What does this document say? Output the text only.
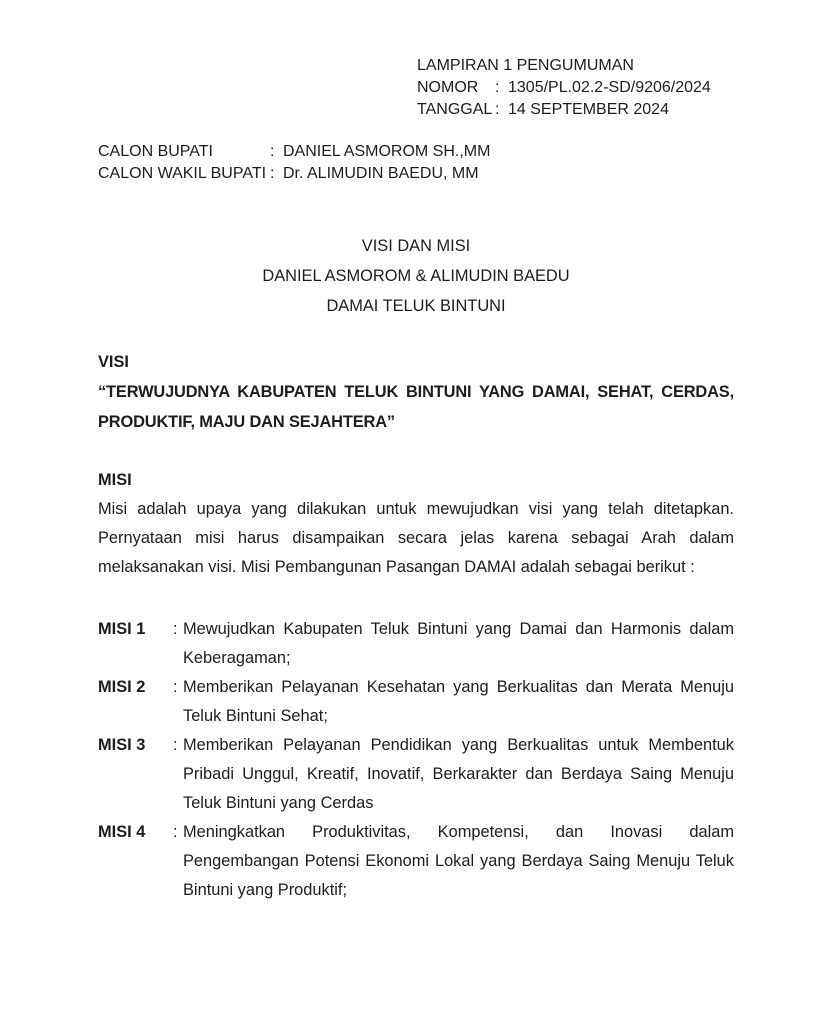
LAMPIRAN 1 PENGUMUMAN
NOMOR	: 1305/PL.02.2-SD/9206/2024
TANGGAL : 14 SEPTEMBER 2024
CALON BUPATI	: DANIEL ASMOROM SH.,MM
CALON WAKIL BUPATI : Dr. ALIMUDIN BAEDU, MM
VISI DAN MISI
DANIEL ASMOROM & ALIMUDIN BAEDU
DAMAI TELUK BINTUNI
VISI
“TERWUJUDNYA KABUPATEN TELUK BINTUNI YANG DAMAI, SEHAT, CERDAS, PRODUKTIF, MAJU DAN SEJAHTERA”
MISI
Misi adalah upaya yang dilakukan untuk mewujudkan visi yang telah ditetapkan. Pernyataan misi harus disampaikan secara jelas karena sebagai Arah dalam melaksanakan visi. Misi Pembangunan Pasangan DAMAI adalah sebagai berikut :
MISI 1	: Mewujudkan Kabupaten Teluk Bintuni yang Damai dan Harmonis dalam Keberagaman;
MISI 2	: Memberikan Pelayanan Kesehatan yang Berkualitas dan Merata Menuju Teluk Bintuni Sehat;
MISI 3	: Memberikan Pelayanan Pendidikan yang Berkualitas untuk Membentuk Pribadi Unggul, Kreatif, Inovatif, Berkarakter dan Berdaya Saing Menuju Teluk Bintuni yang Cerdas
MISI 4	: Meningkatkan Produktivitas, Kompetensi, dan Inovasi dalam Pengembangan Potensi Ekonomi Lokal yang Berdaya Saing Menuju Teluk Bintuni yang Produktif;
